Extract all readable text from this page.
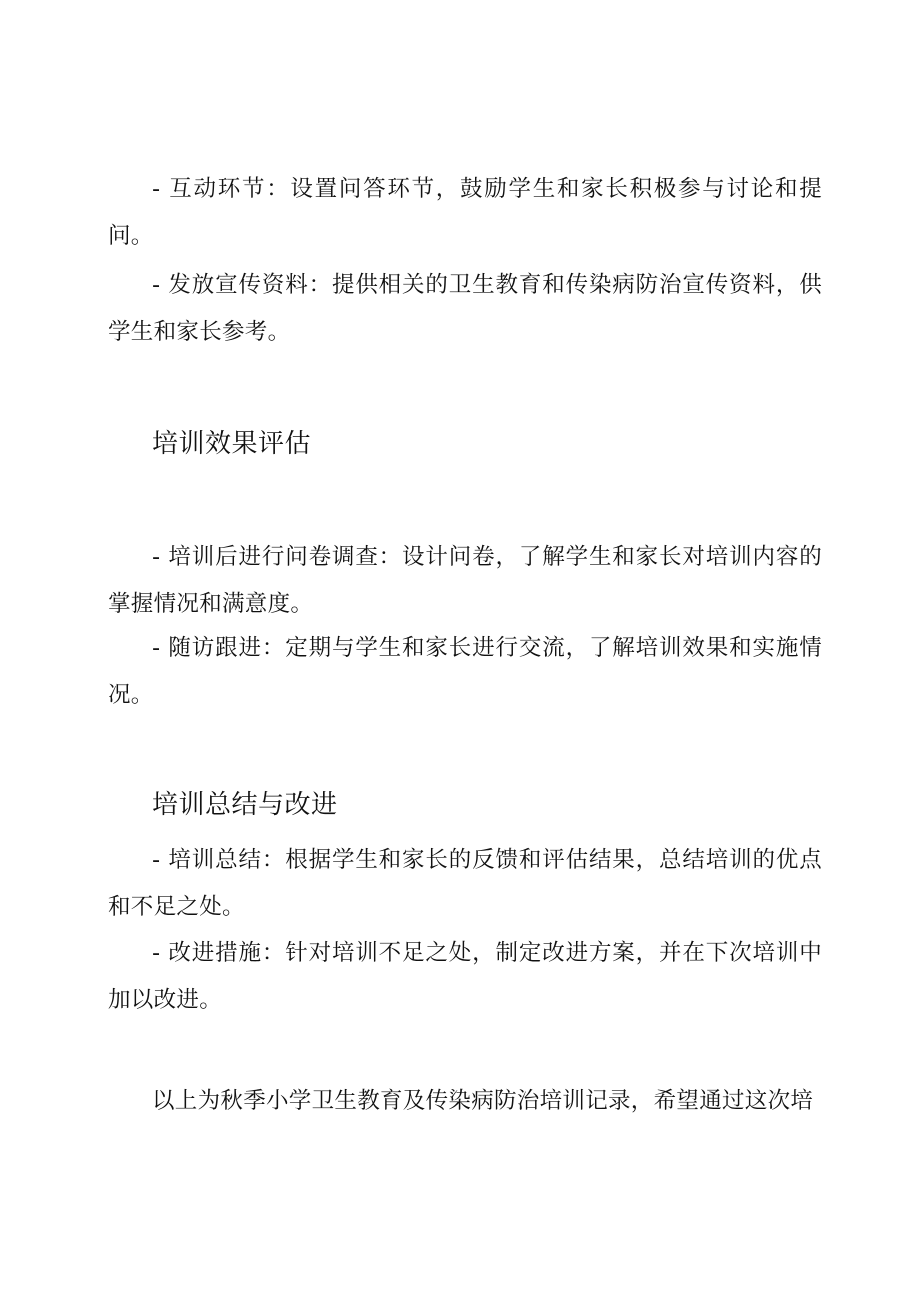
- 互动环节：设置问答环节，鼓励学生和家长积极参与讨论和提问。

- 发放宣传资料：提供相关的卫生教育和传染病防治宣传资料，供学生和家长参考。

培训效果评估

- 培训后进行问卷调查：设计问卷，了解学生和家长对培训内容的掌握情况和满意度。

- 随访跟进：定期与学生和家长进行交流，了解培训效果和实施情况。

培训总结与改进

- 培训总结：根据学生和家长的反馈和评估结果，总结培训的优点和不足之处。

- 改进措施：针对培训不足之处，制定改进方案，并在下次培训中加以改进。

以上为秋季小学卫生教育及传染病防治培训记录，希望通过这次培
